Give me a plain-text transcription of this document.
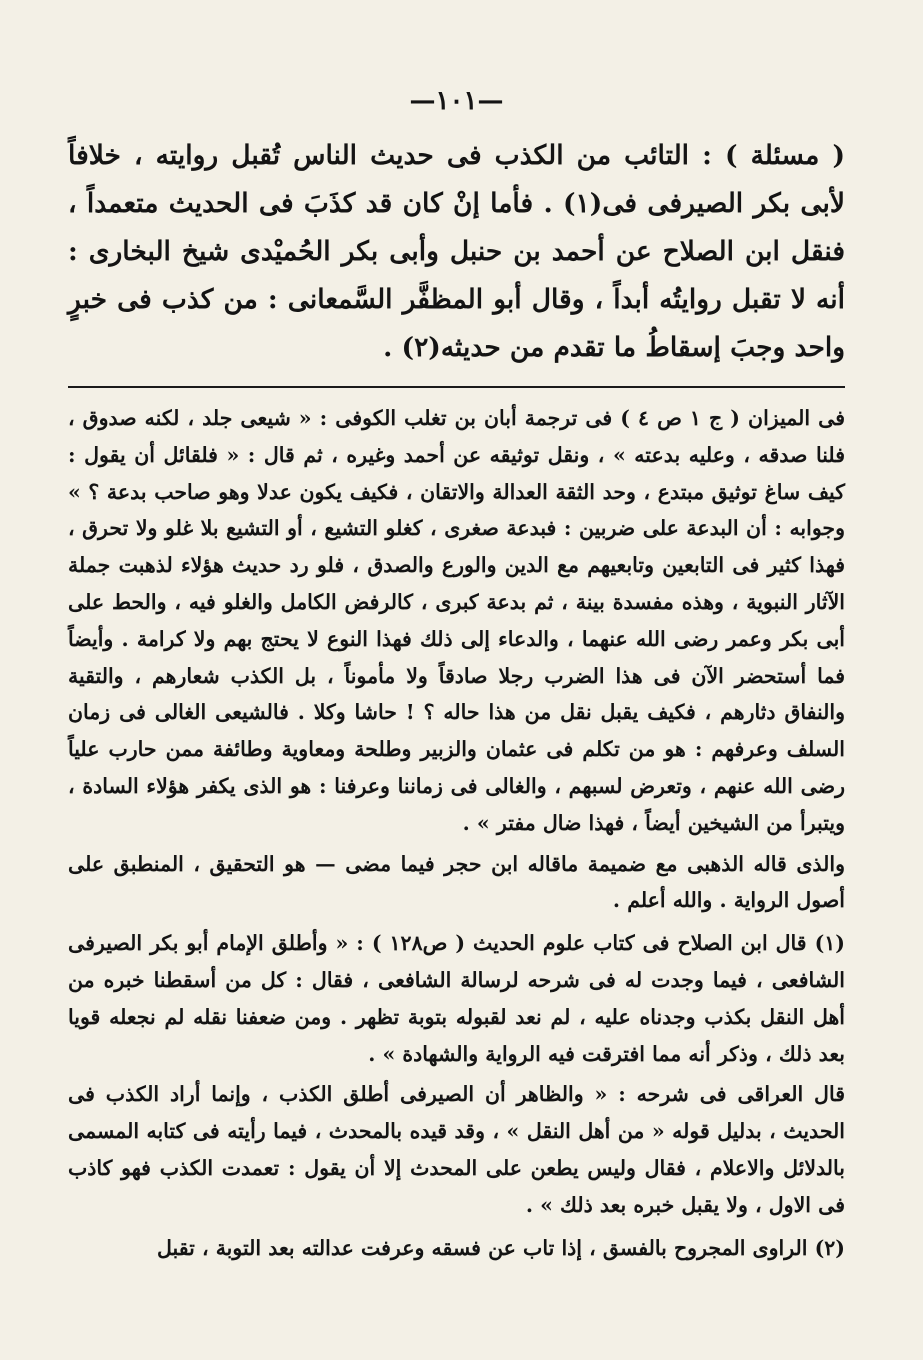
—١٠١—

( مسئلة ) : التائب من الكذب فى حديث الناس تُقبل روايته ، خلافاً لأبى بكر الصيرفى فى(١) . فأما إنْ كان قد كذَبَ فى الحديث متعمداً ، فنقل ابن الصلاح عن أحمد بن حنبل وأبى بكر الحُميْدى شيخ البخارى : أنه لا تقبل روايتُه أبداً ، وقال أبو المظفَّر السَّمعانى : من كذب فى خبرٍ واحد وجبَ إسقاطُ ما تقدم من حديثه(٢) .

فى الميزان ( ج ١ ص ٤ ) فى ترجمة أبان بن تغلب الكوفى : « شيعى جلد ، لكنه صدوق ، فلنا صدقه ، وعليه بدعته » ، ونقل توثيقه عن أحمد وغيره ، ثم قال : « فلقائل أن يقول : كيف ساغ توثيق مبتدع ، وحد الثقة العدالة والاتقان ، فكيف يكون عدلا وهو صاحب بدعة ؟ » وجوابه : أن البدعة على ضربين : فبدعة صغرى ، كغلو التشيع ، أو التشيع بلا غلو ولا تحرق ، فهذا كثير فى التابعين وتابعيهم مع الدين والورع والصدق ، فلو رد حديث هؤلاء لذهبت جملة الآثار النبوية ، وهذه مفسدة بينة ، ثم بدعة كبرى ، كالرفض الكامل والغلو فيه ، والحط على أبى بكر وعمر رضى الله عنهما ، والدعاء إلى ذلك فهذا النوع لا يحتج بهم ولا كرامة . وأيضاً فما أستحضر الآن فى هذا الضرب رجلا صادقاً ولا مأموناً ، بل الكذب شعارهم ، والتقية والنفاق دثارهم ، فكيف يقبل نقل من هذا حاله ؟ ! حاشا وكلا . فالشيعى الغالى فى زمان السلف وعرفهم : هو من تكلم فى عثمان والزبير وطلحة ومعاوية وطائفة ممن حارب علياً رضى الله عنهم ، وتعرض لسبهم ، والغالى فى زماننا وعرفنا : هو الذى يكفر هؤلاء السادة ، ويتبرأ من الشيخين أيضاً ، فهذا ضال مفتر » .

والذى قاله الذهبى مع ضميمة ماقاله ابن حجر فيما مضى — هو التحقيق ، المنطبق على أصول الرواية . والله أعلم .

(١) قال ابن الصلاح فى كتاب علوم الحديث ( ص١٢٨ ) : « وأطلق الإمام أبو بكر الصيرفى الشافعى ، فيما وجدت له فى شرحه لرسالة الشافعى ، فقال : كل من أسقطنا خبره من أهل النقل بكذب وجدناه عليه ، لم نعد لقبوله بتوبة تظهر . ومن ضعفنا نقله لم نجعله قويا بعد ذلك ، وذكر أنه مما افترقت فيه الرواية والشهادة » .

قال العراقى فى شرحه : « والظاهر أن الصيرفى أطلق الكذب ، وإنما أراد الكذب فى الحديث ، بدليل قوله « من أهل النقل » ، وقد قيده بالمحدث ، فيما رأيته فى كتابه المسمى بالدلائل والاعلام ، فقال وليس يطعن على المحدث إلا أن يقول : تعمدت الكذب فهو كاذب فى الاول ، ولا يقبل خبره بعد ذلك » .

(٢) الراوى المجروح بالفسق ، إذا تاب عن فسقه وعرفت عدالته بعد التوبة ، تقبل
